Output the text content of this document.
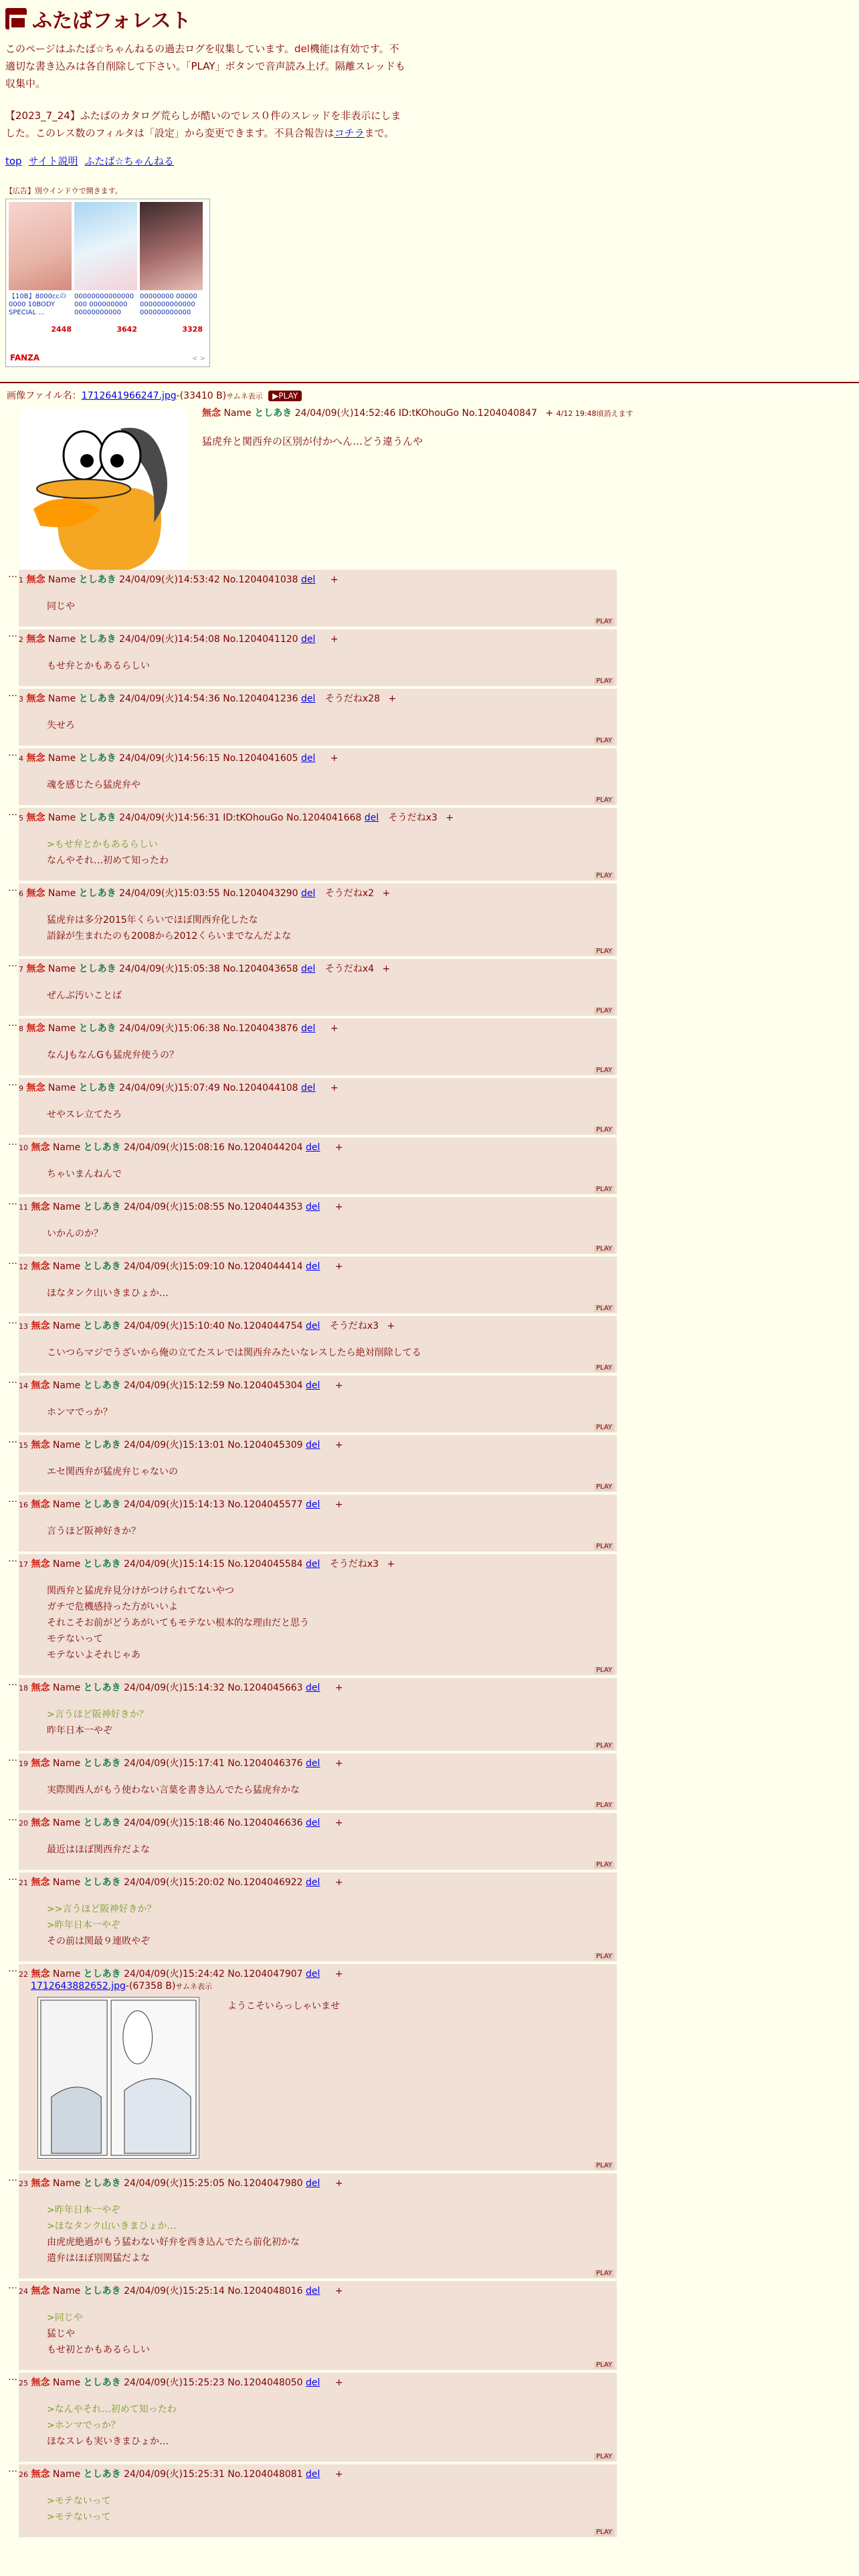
ふたばフォレスト
このページはふたば☆ちゃんねるの過去ログを収集しています。del機能は有効です。不適切な書き込みは各自削除して下さい。「PLAY」ボタンで音声読み上げ。隔離スレッドも収集中。
【2023_7_24】ふたばのカタログ荒らしが酷いのでレス０件のスレッドを非表示にしました。このレス数のフィルタは「設定」から変更できます。不具合報告はコチラまで。
top サイト説明 ふたば☆ちゃんねる
【広告】別ウインドウで開きます。
【10B】8000ccの0000 10BODY SPECIAL ...
2448
00000000000000 000 000000000 00000000000
3642
00000000 00000 0000000000000 000000000000
3328
FANZA	< >
画像ファイル名：1712641966247.jpg-(33410 B)サムネ表示 ▶PLAY
無念 Name としあき 24/04/09(火)14:52:46 ID:tKOhouGo No.1204040847 + 4/12 19:48頃消えます
猛虎弁と関西弁の区別が付かへん…どう違うんや
…
1 無念 Name としあき 24/04/09(火)14:53:42 No.1204041038 del +
同じや
PLAY
…
2 無念 Name としあき 24/04/09(火)14:54:08 No.1204041120 del +
もせ弁とかもあるらしい
PLAY
…
3 無念 Name としあき 24/04/09(火)14:54:36 No.1204041236 del そうだねx28 +
失せろ
PLAY
…
4 無念 Name としあき 24/04/09(火)14:56:15 No.1204041605 del +
魂を感じたら猛虎弁や
PLAY
…
5 無念 Name としあき 24/04/09(火)14:56:31 ID:tKOhouGo No.1204041668 del そうだねx3 +
>もせ弁とかもあるらしい
なんやそれ…初めて知ったわ
PLAY
…
6 無念 Name としあき 24/04/09(火)15:03:55 No.1204043290 del そうだねx2 +
猛虎弁は多分2015年くらいでほぼ関西弁化したな
語録が生まれたのも2008から2012くらいまでなんだよな
PLAY
…
7 無念 Name としあき 24/04/09(火)15:05:38 No.1204043658 del そうだねx4 +
ぜんぶ汚いことば
PLAY
…
8 無念 Name としあき 24/04/09(火)15:06:38 No.1204043876 del +
なんJもなんGも猛虎弁使うの？
PLAY
…
9 無念 Name としあき 24/04/09(火)15:07:49 No.1204044108 del +
せやスレ立てたろ
PLAY
…
10 無念 Name としあき 24/04/09(火)15:08:16 No.1204044204 del +
ちゃいまんねんで
PLAY
…
11 無念 Name としあき 24/04/09(火)15:08:55 No.1204044353 del +
いかんのか？
PLAY
…
12 無念 Name としあき 24/04/09(火)15:09:10 No.1204044414 del +
ほなタンク山いきまひょか…
PLAY
…
13 無念 Name としあき 24/04/09(火)15:10:40 No.1204044754 del そうだねx3 +
こいつらマジでうざいから俺の立てたスレでは関西弁みたいなレスしたら絶対削除してる
PLAY
…
14 無念 Name としあき 24/04/09(火)15:12:59 No.1204045304 del +
ホンマでっか？
PLAY
…
15 無念 Name としあき 24/04/09(火)15:13:01 No.1204045309 del +
エセ関西弁が猛虎弁じゃないの
PLAY
…
16 無念 Name としあき 24/04/09(火)15:14:13 No.1204045577 del +
言うほど阪神好きか？
PLAY
…
17 無念 Name としあき 24/04/09(火)15:14:15 No.1204045584 del そうだねx3 +
関西弁と猛虎弁見分けがつけられてないやつ
ガチで危機感持った方がいいよ
それこそお前がどうあがいてもモテない根本的な理由だと思う
モテないって
モテないよそれじゃあ
PLAY
…
18 無念 Name としあき 24/04/09(火)15:14:32 No.1204045663 del +
>言うほど阪神好きか？
昨年日本一やぞ
PLAY
…
19 無念 Name としあき 24/04/09(火)15:17:41 No.1204046376 del +
実際関西人がもう使わない言葉を書き込んでたら猛虎弁かな
PLAY
…
20 無念 Name としあき 24/04/09(火)15:18:46 No.1204046636 del +
最近はほぼ関西弁だよな
PLAY
…
21 無念 Name としあき 24/04/09(火)15:20:02 No.1204046922 del +
>>言うほど阪神好きか？
>昨年日本一やぞ
その前は関最９連敗やぞ
PLAY
…
22 無念 Name としあき 24/04/09(火)15:24:42 No.1204047907 del +
1712643882652.jpg-(67358 B)サムネ表示
ようこそいらっしゃいませ
PLAY
…
23 無念 Name としあき 24/04/09(火)15:25:05 No.1204047980 del +
>昨年日本一やぞ
>ほなタンク山いきまひょか…
由虎虎絶過がもう猛わない好弁を西き込んでたら前化初かな
遣弁はほぼ別関猛だよな
PLAY
…
24 無念 Name としあき 24/04/09(火)15:25:14 No.1204048016 del +
>同じや
猛じや
もせ初とかもあるらしい
PLAY
…
25 無念 Name としあき 24/04/09(火)15:25:23 No.1204048050 del +
>なんやそれ…初めて知ったわ
>ホンマでっか？
ほなスレも実いきまひょか…
PLAY
…
26 無念 Name としあき 24/04/09(火)15:25:31 No.1204048081 del +
>モテないって
>モテないって
PLAY
